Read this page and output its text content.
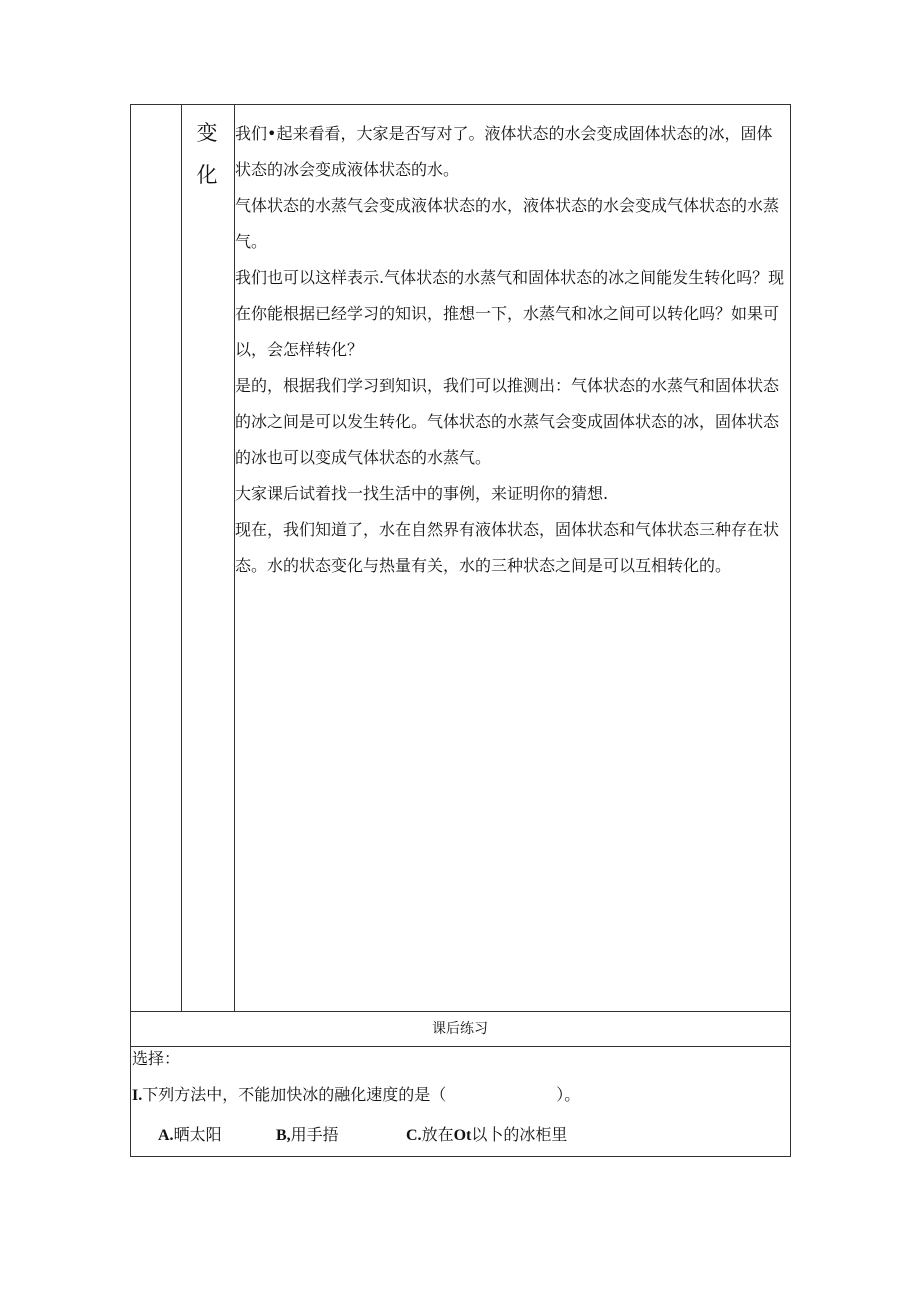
变
化

我们•起来看看，大家是否写对了。液体状态的水会变成固体状态的冰，固体状态的冰会变成液体状态的水。

气体状态的水蒸气会变成液体状态的水，液体状态的水会变成气体状态的水蒸气。

我们也可以这样表示.气体状态的水蒸气和固体状态的冰之间能发生转化吗？现在你能根据已经学习的知识，推想一下，水蒸气和冰之间可以转化吗？如果可以，会怎样转化？

是的，根据我们学习到知识，我们可以推测出：气体状态的水蒸气和固体状态的冰之间是可以发生转化。气体状态的水蒸气会变成固体状态的冰，固体状态的冰也可以变成气体状态的水蒸气。

大家课后试着找一找生活中的事例，来证明你的猜想.

现在，我们知道了，水在自然界有液体状态，固体状态和气体状态三种存在状态。水的状态变化与热量有关，水的三种状态之间是可以互相转化的。

课后练习
选择：
I.下列方法中，不能加快冰的融化速度的是（	）。
A.晒太阳	B,用手捂	C.放在Ot以卜的冰柜里
